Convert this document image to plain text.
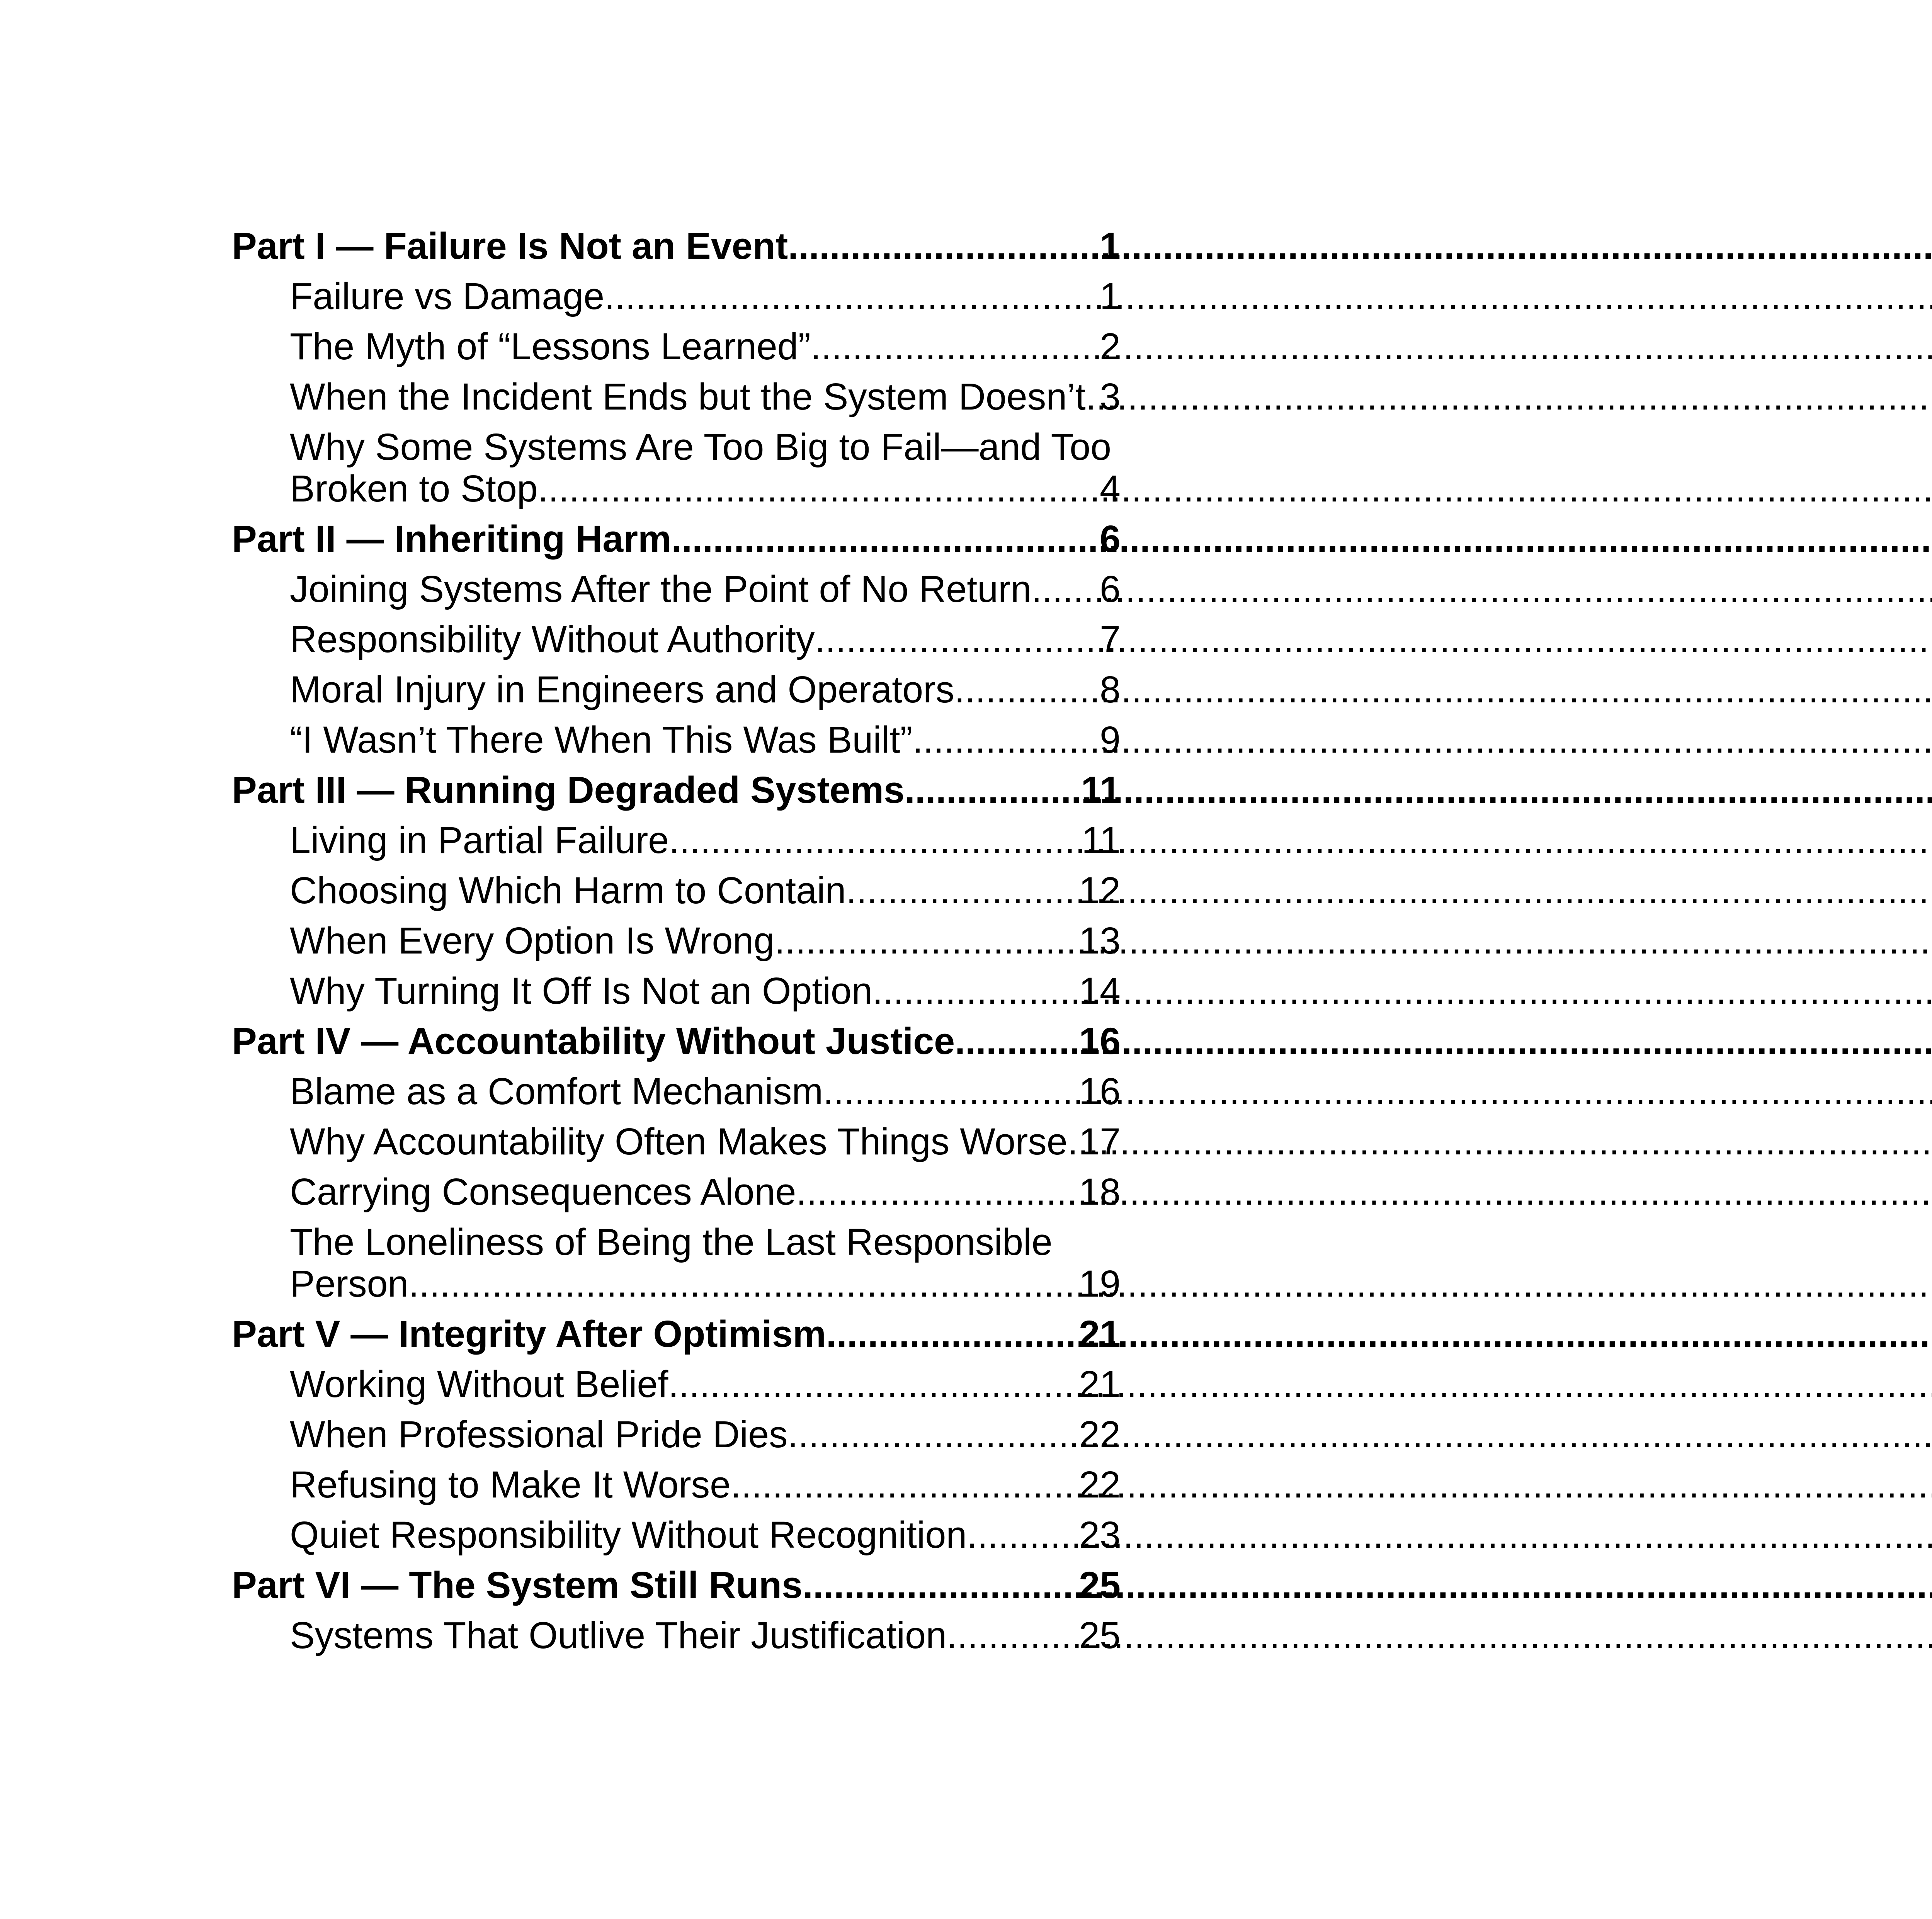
Part I — Failure Is Not an Event .....	1
Failure vs Damage .....	1
The Myth of “Lessons Learned” .....	2
When the Incident Ends but the System Doesn’t ..... 3
Why Some Systems Are Too Big to Fail—and Too
Broken to Stop .....	4
Part II — Inheriting Harm .....	6
Joining Systems After the Point of No Return ..... 6
Responsibility Without Authority .....	7
Moral Injury in Engineers and Operators .....	8
“I Wasn’t There When This Was Built” .....	9
Part III — Running Degraded Systems .....	11
Living in Partial Failure .....	11
Choosing Which Harm to Contain .....	12
When Every Option Is Wrong .....	13
Why Turning It Off Is Not an Option .....	14
Part IV — Accountability Without Justice .....	16
Blame as a Comfort Mechanism .....	16
Why Accountability Often Makes Things Worse ..... 17
Carrying Consequences Alone .....	18
The Loneliness of Being the Last Responsible
Person .....	19
Part V — Integrity After Optimism .....	21
Working Without Belief .....	21
When Professional Pride Dies .....	22
Refusing to Make It Worse .....	22
Quiet Responsibility Without Recognition .....	23
Part VI — The System Still Runs .....	25
Systems That Outlive Their Justification .....	25
